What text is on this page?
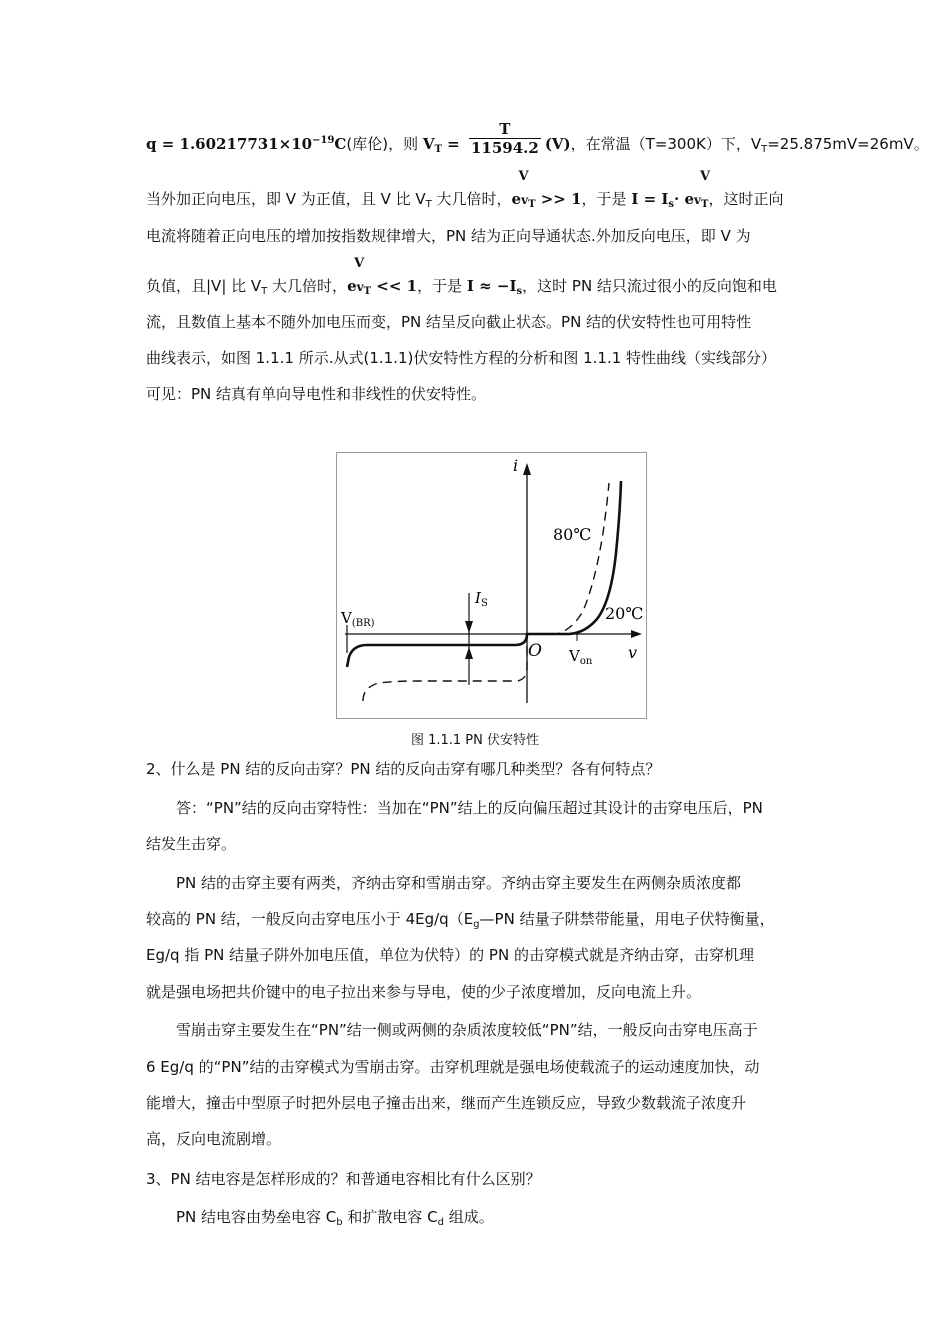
$q = 1.60217731\times 10^{-19}C$(库伦)，则 $V_T = \frac{T}{11594.2} (V)$，在常温（T=300K）下，$V_T=25.875mV=26mV$。
当外加正向电压，即 V 为正值，且 V 比 $V_T$ 大几倍时，e
V
$v_T >> 1$，于是 $I = I_s\cdot e$
V
$v_T$，这时正向
电流将随着正向电压的增加按指数规律增大，PN 结为正向导通状态.外加反向电压，即 V 为
负值，且|V| 比 $V_T$ 大几倍时，e
V
$v_T << 1$，于是 $I \approx -I_s$，这时 PN 结只流过很小的反向饱和电
流，且数值上基本不随外加电压而变，PN 结呈反向截止状态。PN 结的伏安特性也可用特性
曲线表示，如图 1.1.1 所示.从式(1.1.1)伏安特性方程的分析和图 1.1.1 特性曲线（实线部分）
可见：PN 结真有单向导电性和非线性的伏安特性。
i
v
O
$V_{(BR)}$
$I_S$
80℃
20℃
$V_{on}$
图 1.1.1 PN 伏安特性
2、什么是 PN 结的反向击穿？PN 结的反向击穿有哪几种类型？各有何特点？
答：“PN”结的反向击穿特性：当加在“PN”结上的反向偏压超过其设计的击穿电压后，PN
结发生击穿。
PN 结的击穿主要有两类，齐纳击穿和雪崩击穿。齐纳击穿主要发生在两侧杂质浓度都
较高的 PN 结，一般反向击穿电压小于 $4Eg/q(E_g—PN$ 结量子阱禁带能量，用电子伏特衡量，
Eg/q 指 PN 结量子阱外加电压值，单位为伏特）的 PN 的击穿模式就是齐纳击穿，击穿机理
就是强电场把共价键中的电子拉出来参与导电，使的少子浓度增加，反向电流上升。
雪崩击穿主要发生在“PN”结一侧或两侧的杂质浓度较低“PN”结，一般反向击穿电压高于
6 Eg/q 的“PN”结的击穿模式为雪崩击穿。击穿机理就是强电场使载流子的运动速度加快，动
能增大，撞击中型原子时把外层电子撞击出来，继而产生连锁反应，导致少数载流子浓度升
高，反向电流剧增。
3、PN 结电容是怎样形成的？和普通电容相比有什么区别？
PN 结电容由势垒电容 $C_b$ 和扩散电容 $C_d$ 组成。
